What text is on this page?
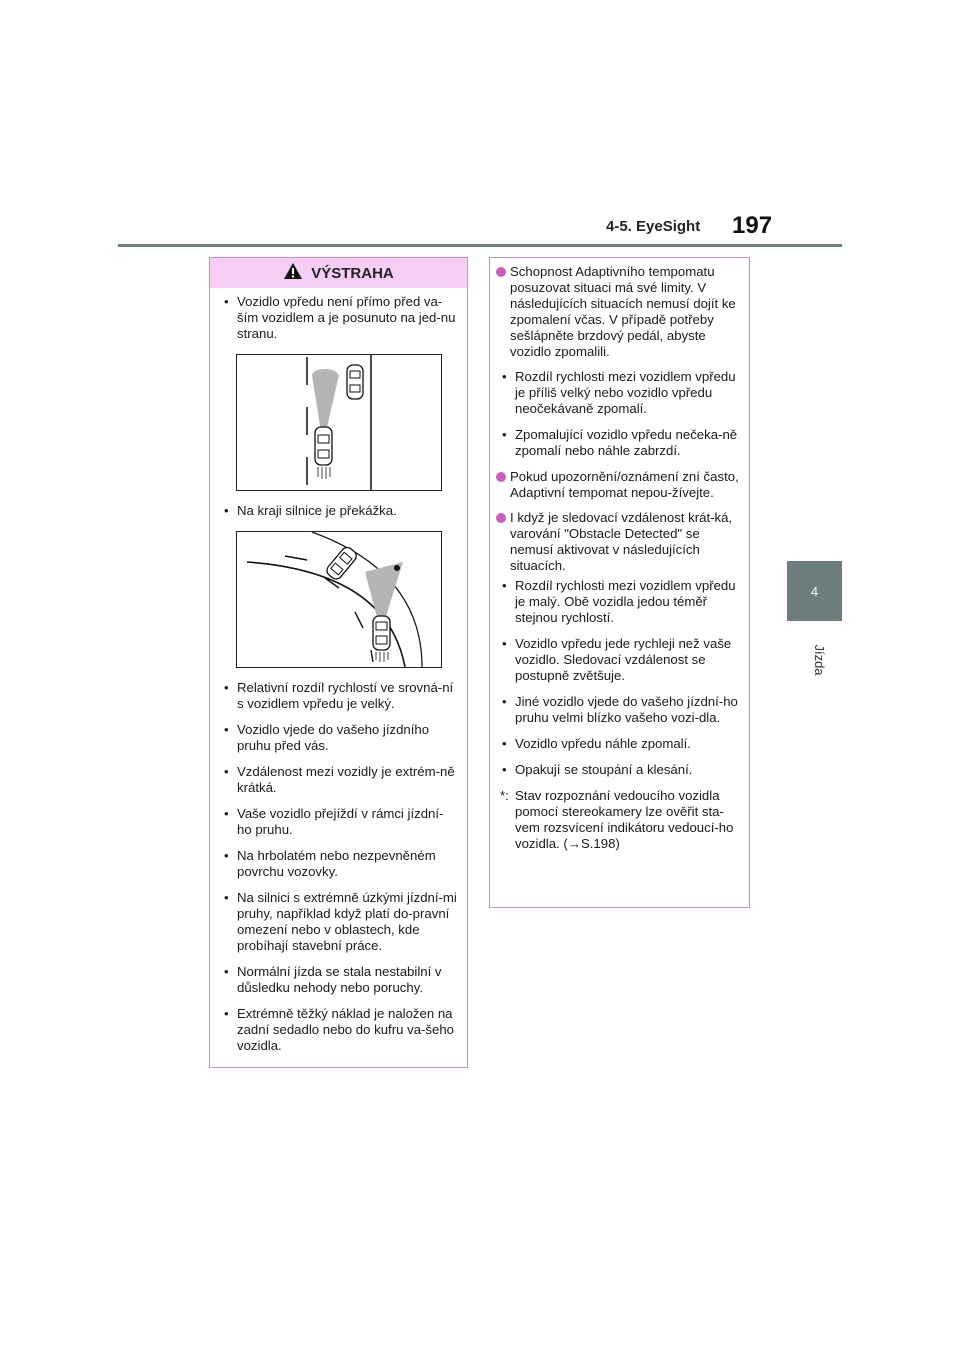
4-5. EyeSight 197
4
Jízda
VÝSTRAHA
• Vozidlo vpředu není přímo před va-ším vozidlem a je posunuto na jed-nu stranu.
• Na kraji silnice je překážka.
• Relativní rozdíl rychlostí ve srovná-ní s vozidlem vpředu je velký.
• Vozidlo vjede do vašeho jízdního pruhu před vás.
• Vzdálenost mezi vozidly je extrém-ně krátká.
• Vaše vozidlo přejíždí v rámci jízdní-ho pruhu.
• Na hrbolatém nebo nezpevněném povrchu vozovky.
• Na silnici s extrémně úzkými jízdní-mi pruhy, například když platí do-pravní omezení nebo v oblastech, kde probíhají stavební práce.
• Normální jízda se stala nestabilní v důsledku nehody nebo poruchy.
• Extrémně těžký náklad je naložen na zadní sedadlo nebo do kufru va-šeho vozidla.
Schopnost Adaptivního tempomatu posuzovat situaci má své limity. V následujících situacích nemusí dojít ke zpomalení včas. V případě potřeby sešlápněte brzdový pedál, abyste vozidlo zpomalili.
• Rozdíl rychlosti mezi vozidlem vpředu je příliš velký nebo vozidlo vpředu neočekávaně zpomalí.
• Zpomalující vozidlo vpředu nečeka-ně zpomalí nebo náhle zabrzdí.
Pokud upozornění/oznámení zní často, Adaptivní tempomat nepou-žívejte.
I když je sledovací vzdálenost krát-ká, varování "Obstacle Detected" se nemusí aktivovat v následujících situacích.
• Rozdíl rychlosti mezi vozidlem vpředu je malý. Obě vozidla jedou téměř stejnou rychlostí.
• Vozidlo vpředu jede rychleji než vaše vozidlo. Sledovací vzdálenost se postupně zvětšuje.
• Jiné vozidlo vjede do vašeho jízdní-ho pruhu velmi blízko vašeho vozi-dla.
• Vozidlo vpředu náhle zpomalí.
• Opakují se stoupání a klesání.
*: Stav rozpoznání vedoucího vozidla pomocí stereokamery lze ověřit sta-vem rozsvícení indikátoru vedoucí-ho vozidla. (→S.198)
